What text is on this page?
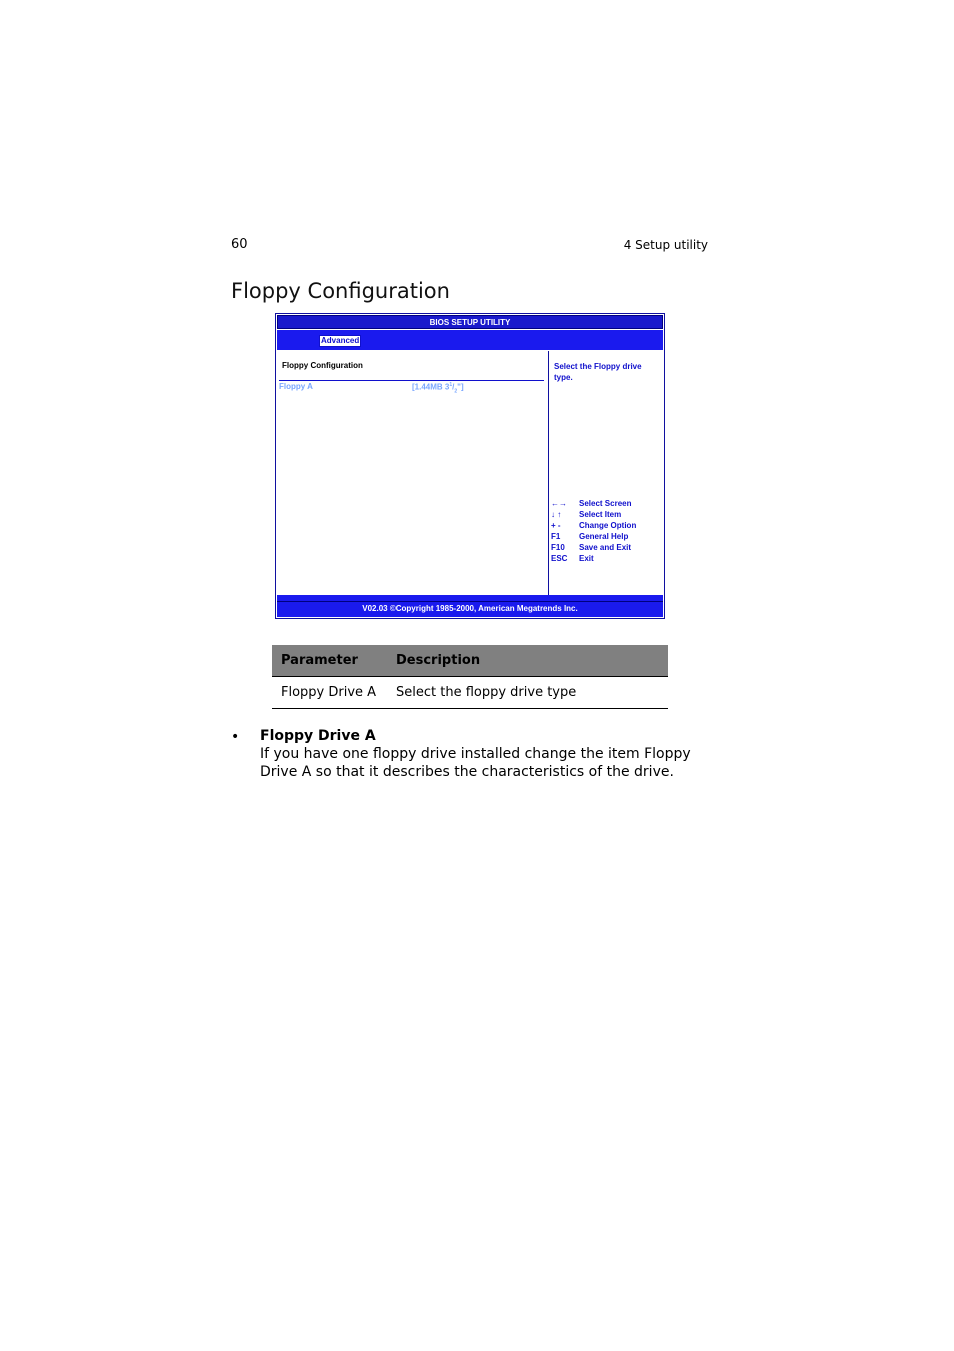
60	4 Setup utility
Floppy Configuration
BIOS SETUP UTILITY
Advanced
Floppy Configuration
Floppy A	[1.44MB $3^1/_2$"]
Select the Floppy drive type.
←→ Select Screen
↓ ↑ Select Item
+ - Change Option
F1 General Help
F10 Save and Exit
ESC Exit
V02.03 ©Copyright 1985-2000, American Megatrends Inc.
Parameter	Description
Floppy Drive A	Select the floppy drive type
• Floppy Drive A
If you have one floppy drive installed change the item Floppy Drive A so that it describes the characteristics of the drive.
